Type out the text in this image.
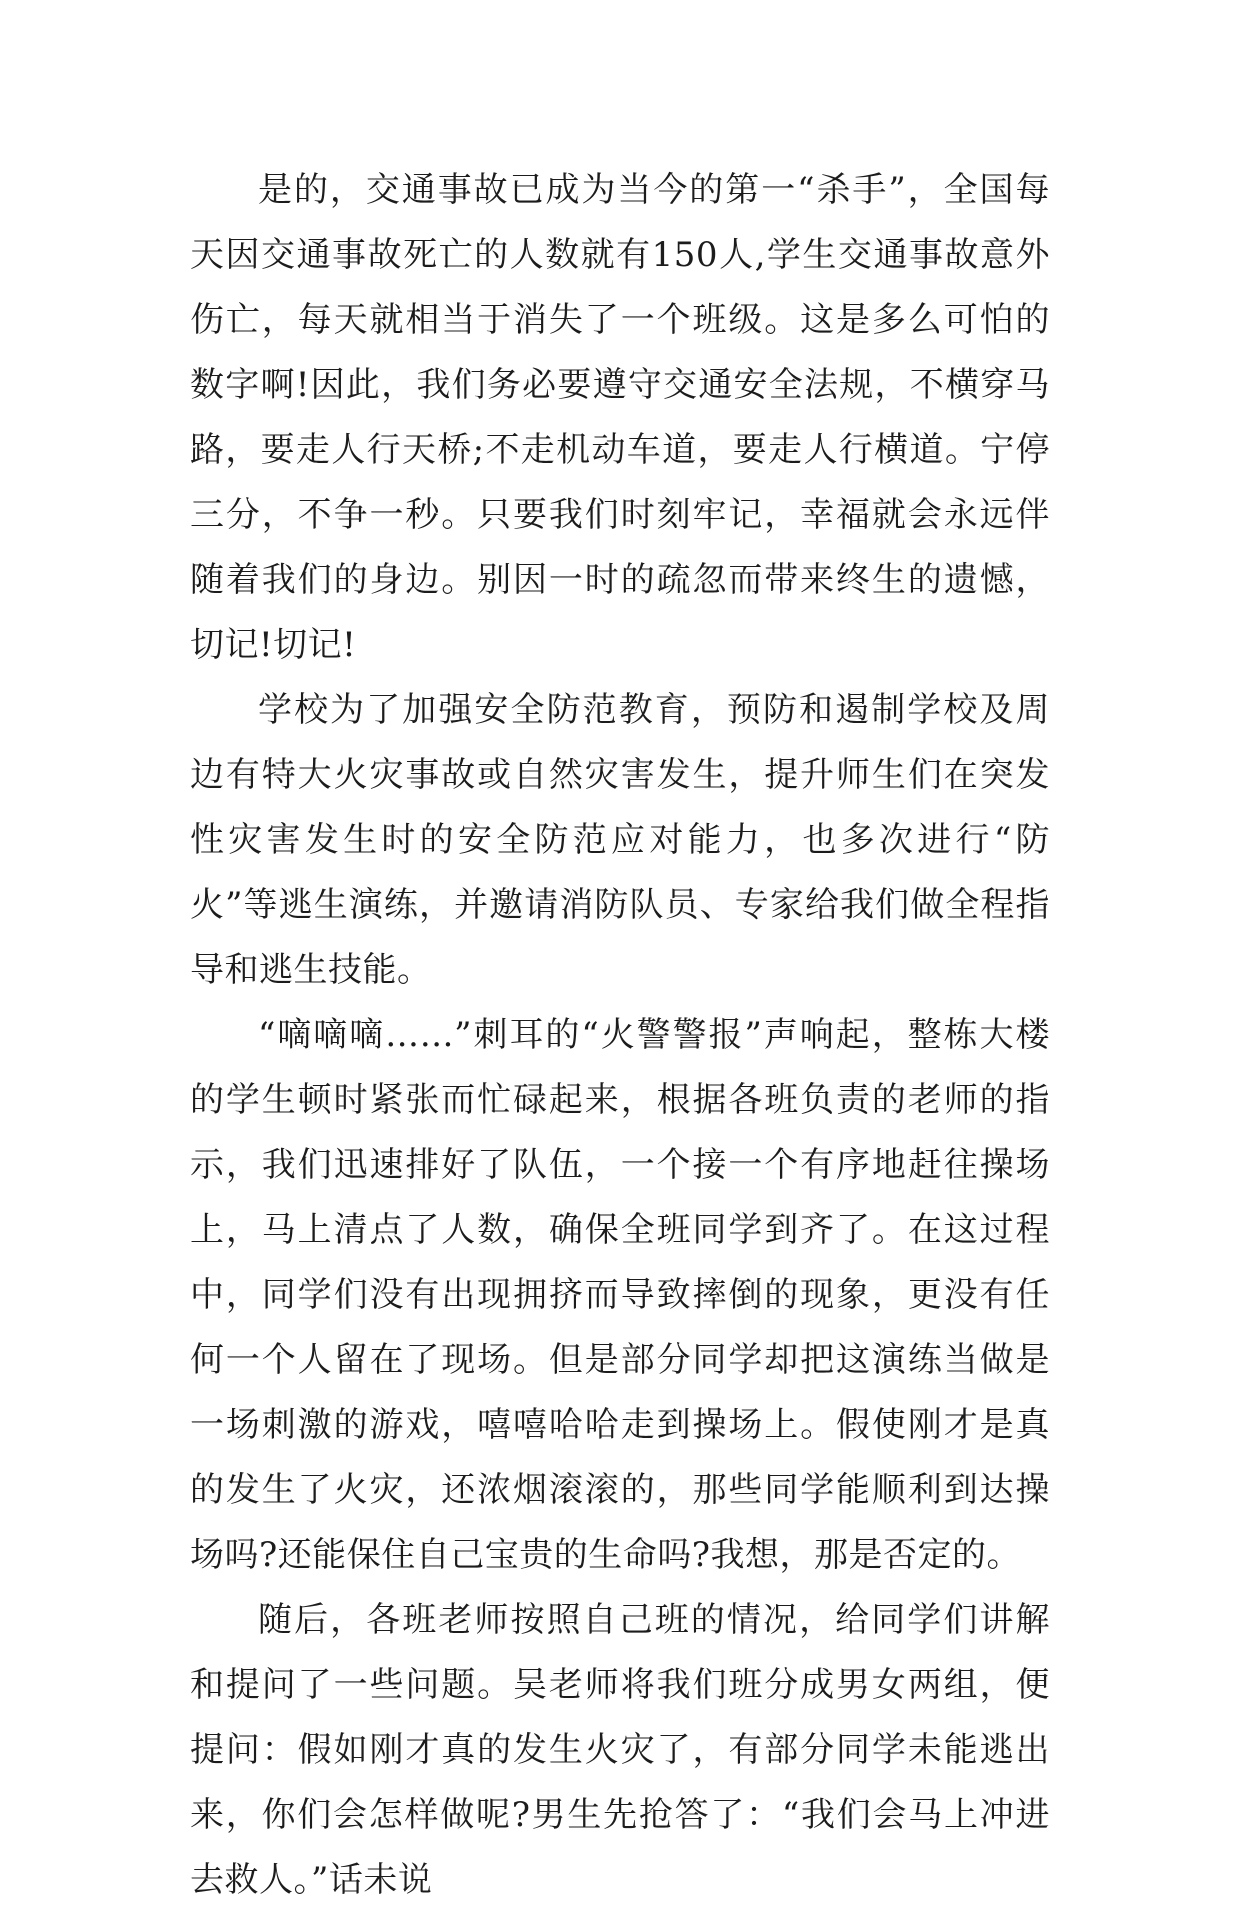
是的，交通事故已成为当今的第一“杀手”，全国每天因交通事故死亡的人数就有150人,学生交通事故意外伤亡，每天就相当于消失了一个班级。这是多么可怕的数字啊!因此，我们务必要遵守交通安全法规，不横穿马路，要走人行天桥;不走机动车道，要走人行横道。宁停三分，不争一秒。只要我们时刻牢记，幸福就会永远伴随着我们的身边。别因一时的疏忽而带来终生的遗憾，切记!切记!

学校为了加强安全防范教育，预防和遏制学校及周边有特大火灾事故或自然灾害发生，提升师生们在突发性灾害发生时的安全防范应对能力，也多次进行“防火”等逃生演练，并邀请消防队员、专家给我们做全程指导和逃生技能。

“嘀嘀嘀……”刺耳的“火警警报”声响起，整栋大楼的学生顿时紧张而忙碌起来，根据各班负责的老师的指示，我们迅速排好了队伍，一个接一个有序地赶往操场上，马上清点了人数，确保全班同学到齐了。在这过程中，同学们没有出现拥挤而导致摔倒的现象，更没有任何一个人留在了现场。但是部分同学却把这演练当做是一场刺激的游戏，嘻嘻哈哈走到操场上。假使刚才是真的发生了火灾，还浓烟滚滚的，那些同学能顺利到达操场吗?还能保住自己宝贵的生命吗?我想，那是否定的。

随后，各班老师按照自己班的情况，给同学们讲解和提问了一些问题。吴老师将我们班分成男女两组，便提问：假如刚才真的发生火灾了，有部分同学未能逃出来，你们会怎样做呢?男生先抢答了：“我们会马上冲进去救人。”话未说
